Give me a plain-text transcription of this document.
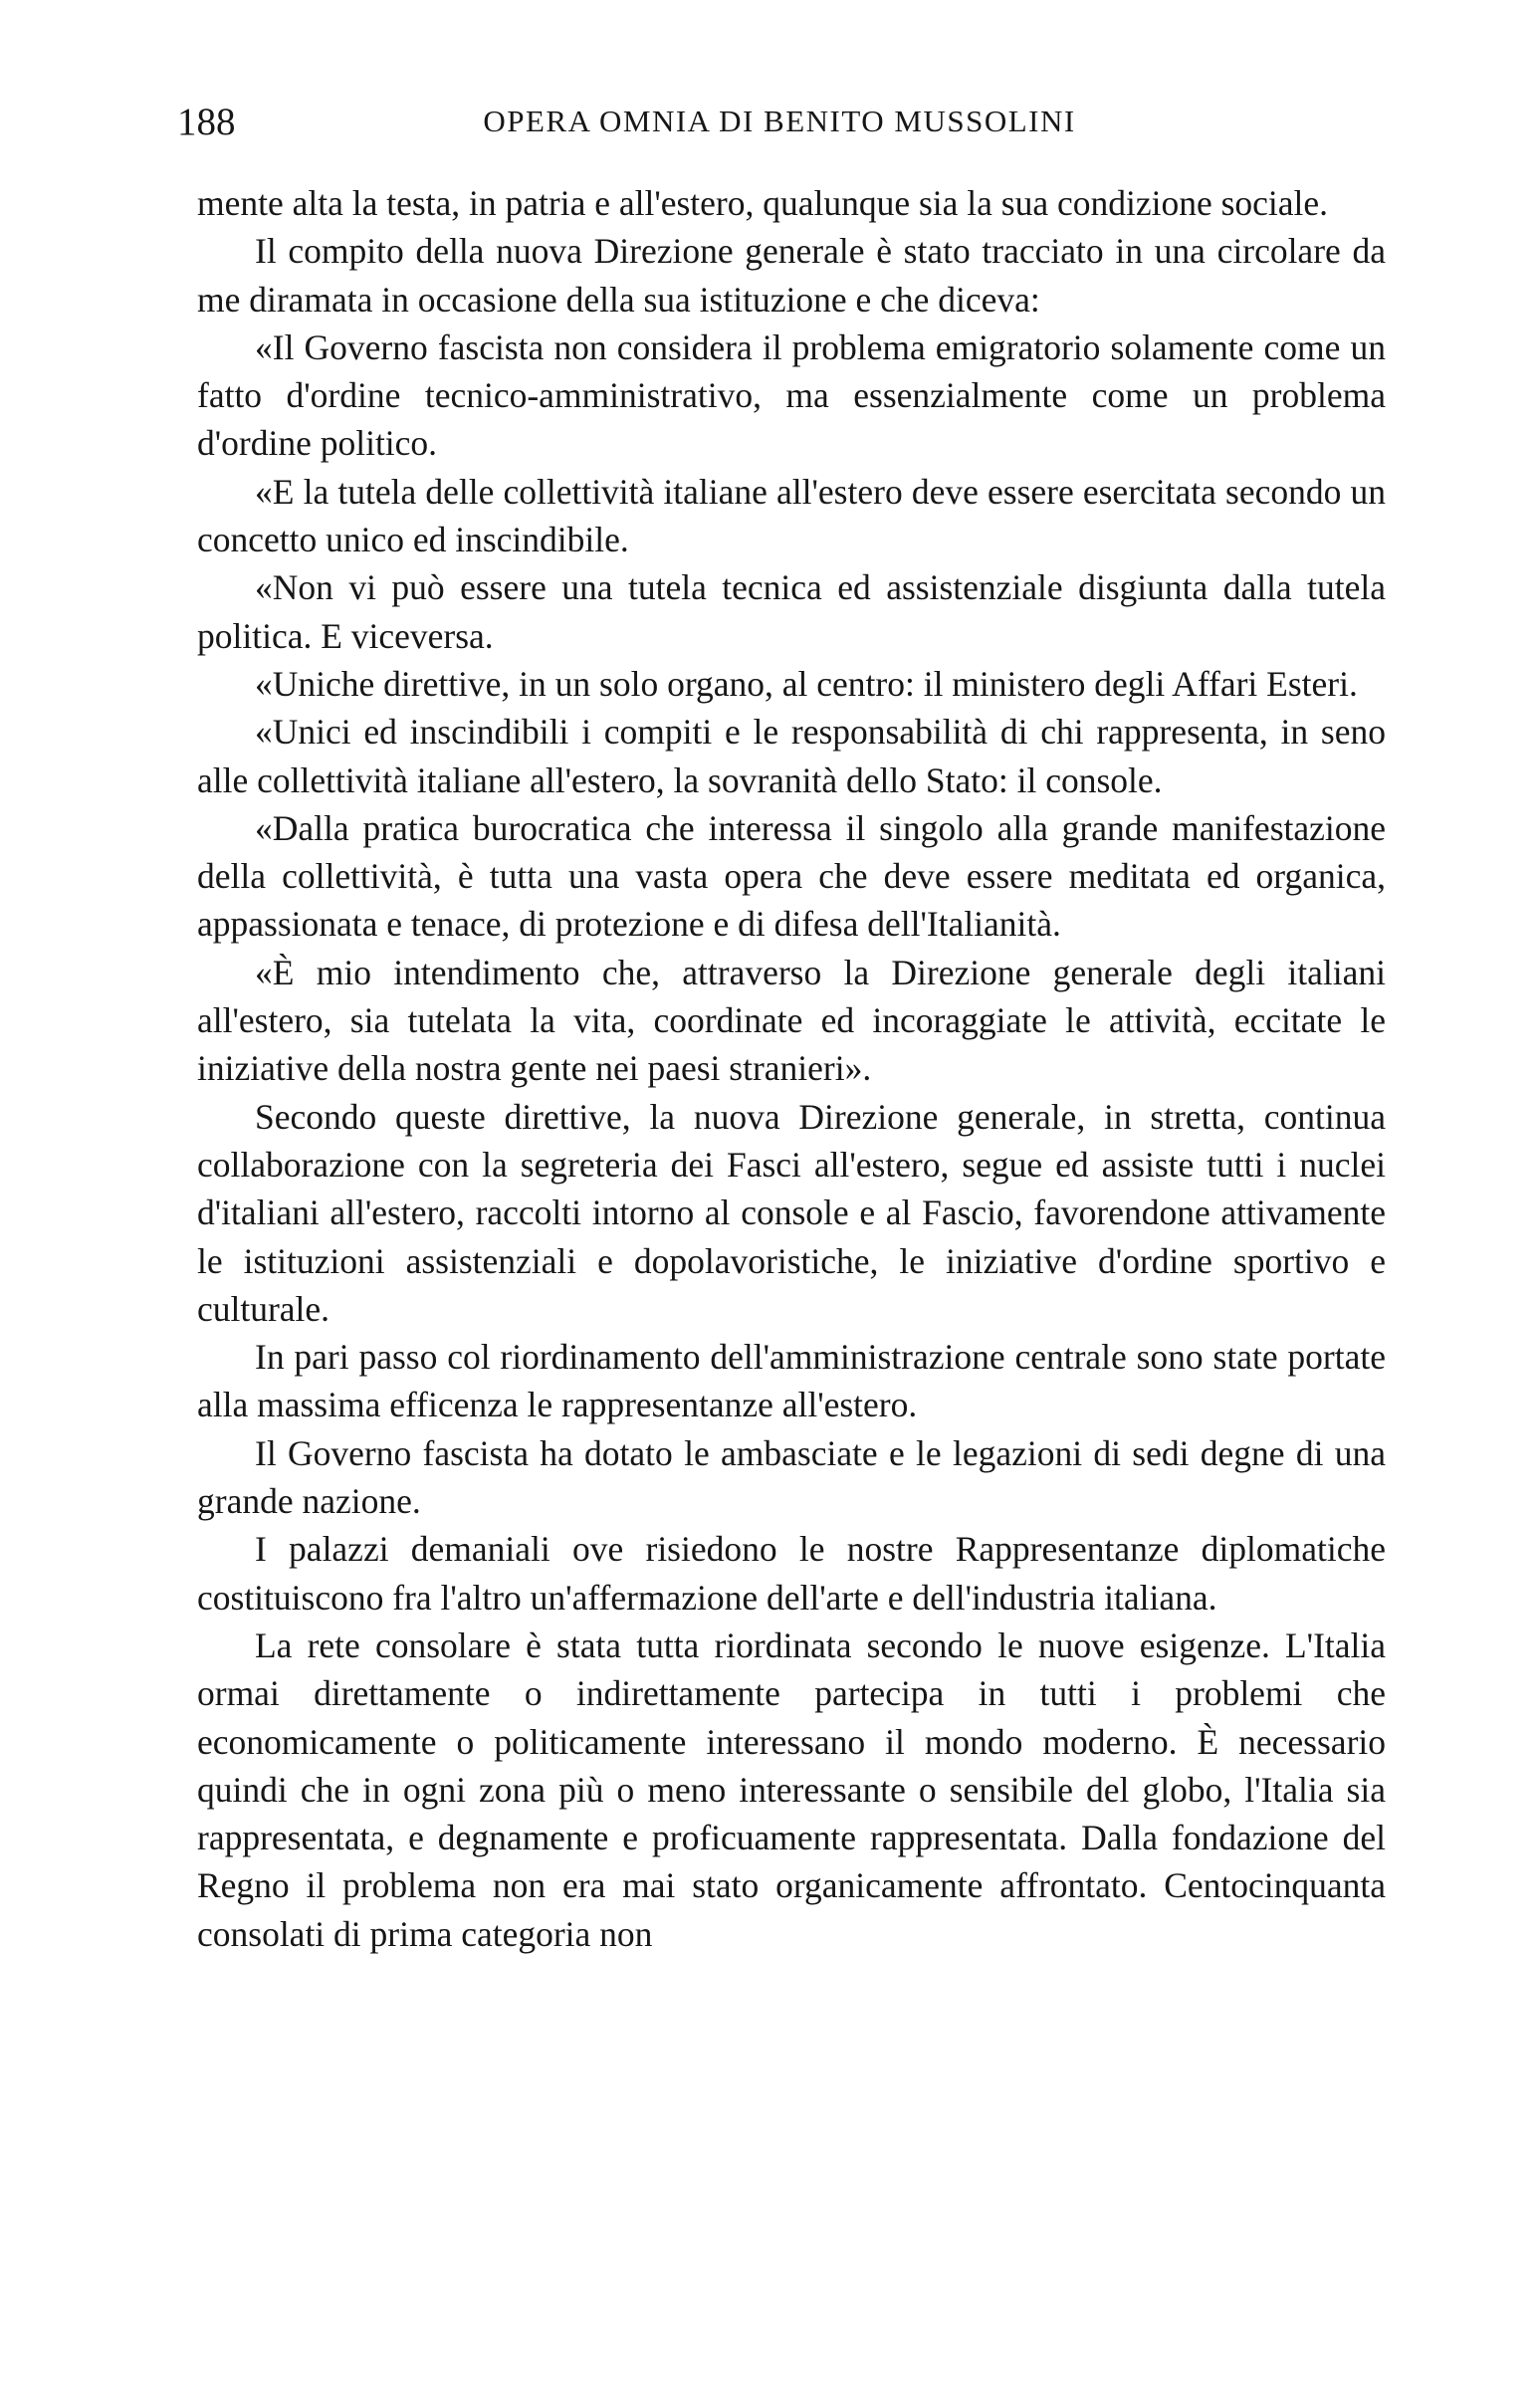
188	OPERA OMNIA DI BENITO MUSSOLINI

mente alta la testa, in patria e all'estero, qualunque sia la sua condizione sociale.

Il compito della nuova Direzione generale è stato tracciato in una circolare da me diramata in occasione della sua istituzione e che diceva:

«Il Governo fascista non considera il problema emigratorio solamente come un fatto d'ordine tecnico-amministrativo, ma essenzialmente come un problema d'ordine politico.

«E la tutela delle collettività italiane all'estero deve essere esercitata secondo un concetto unico ed inscindibile.

«Non vi può essere una tutela tecnica ed assistenziale disgiunta dalla tutela politica. E viceversa.

«Uniche direttive, in un solo organo, al centro: il ministero degli Affari Esteri.

«Unici ed inscindibili i compiti e le responsabilità di chi rappresenta, in seno alle collettività italiane all'estero, la sovranità dello Stato: il console.

«Dalla pratica burocratica che interessa il singolo alla grande manifestazione della collettività, è tutta una vasta opera che deve essere meditata ed organica, appassionata e tenace, di protezione e di difesa dell'Italianità.

«È mio intendimento che, attraverso la Direzione generale degli italiani all'estero, sia tutelata la vita, coordinate ed incoraggiate le attività, eccitate le iniziative della nostra gente nei paesi stranieri».

Secondo queste direttive, la nuova Direzione generale, in stretta, continua collaborazione con la segreteria dei Fasci all'estero, segue ed assiste tutti i nuclei d'italiani all'estero, raccolti intorno al console e al Fascio, favorendone attivamente le istituzioni assistenziali e dopolavoristiche, le iniziative d'ordine sportivo e culturale.

In pari passo col riordinamento dell'amministrazione centrale sono state portate alla massima efficenza le rappresentanze all'estero.

Il Governo fascista ha dotato le ambasciate e le legazioni di sedi degne di una grande nazione.

I palazzi demaniali ove risiedono le nostre Rappresentanze diplomatiche costituiscono fra l'altro un'affermazione dell'arte e dell'industria italiana.

La rete consolare è stata tutta riordinata secondo le nuove esigenze. L'Italia ormai direttamente o indirettamente partecipa in tutti i problemi che economicamente o politicamente interessano il mondo moderno. È necessario quindi che in ogni zona più o meno interessante o sensibile del globo, l'Italia sia rappresentata, e degnamente e proficuamente rappresentata. Dalla fondazione del Regno il problema non era mai stato organicamente affrontato. Centocinquanta consolati di prima categoria non
